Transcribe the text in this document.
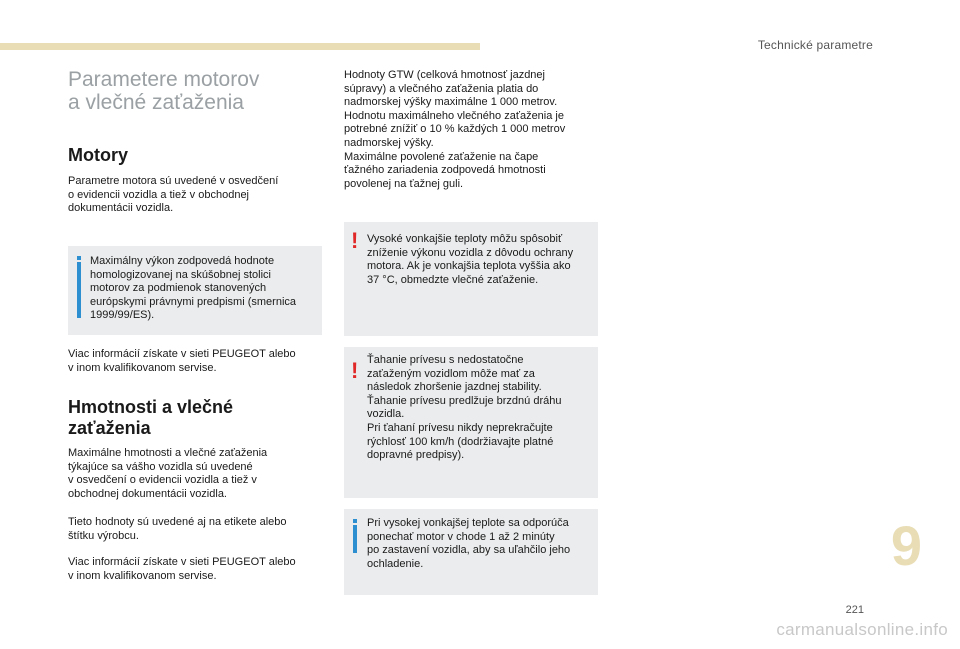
Technické parametre
Parametere motorov
a vlečné zaťaženia
Motory

Parametre motora sú uvedené v osvedčení
o evidencii vozidla a tiež v obchodnej
dokumentácii vozidla.

Maximálny výkon zodpovedá hodnote
homologizovanej na skúšobnej stolici
motorov za podmienok stanovených
európskymi právnymi predpismi (smernica
1999/99/ES).

Viac informácií získate v sieti PEUGEOT alebo
v inom kvalifikovanom servise.

Hmotnosti a vlečné
zaťaženia

Maximálne hmotnosti a vlečné zaťaženia
týkajúce sa vášho vozidla sú uvedené
v osvedčení o evidencii vozidla a tiež v
obchodnej dokumentácii vozidla.

Tieto hodnoty sú uvedené aj na etikete alebo
štítku výrobcu.

Viac informácií získate v sieti PEUGEOT alebo
v inom kvalifikovanom servise.

Hodnoty GTW (celková hmotnosť jazdnej
súpravy) a vlečného zaťaženia platia do
nadmorskej výšky maximálne 1 000 metrov.
Hodnotu maximálneho vlečného zaťaženia je
potrebné znížiť o 10 % každých 1 000 metrov
nadmorskej výšky.
Maximálne povolené zaťaženie na čape
ťažného zariadenia zodpovedá hmotnosti
povolenej na ťažnej guli.

! Vysoké vonkajšie teploty môžu spôsobiť
zníženie výkonu vozidla z dôvodu ochrany
motora. Ak je vonkajšia teplota vyššia ako
37 °C, obmedzte vlečné zaťaženie.

! Ťahanie prívesu s nedostatočne
zaťaženým vozidlom môže mať za
následok zhoršenie jazdnej stability.
Ťahanie prívesu predlžuje brzdnú dráhu
vozidla.
Pri ťahaní prívesu nikdy neprekračujte
rýchlosť 100 km/h (dodržiavajte platné
dopravné predpisy).

Pri vysokej vonkajšej teplote sa odporúča
ponechať motor v chode 1 až 2 minúty
po zastavení vozidla, aby sa uľahčilo jeho
ochladenie.	9
221
carmanualsonline.info
